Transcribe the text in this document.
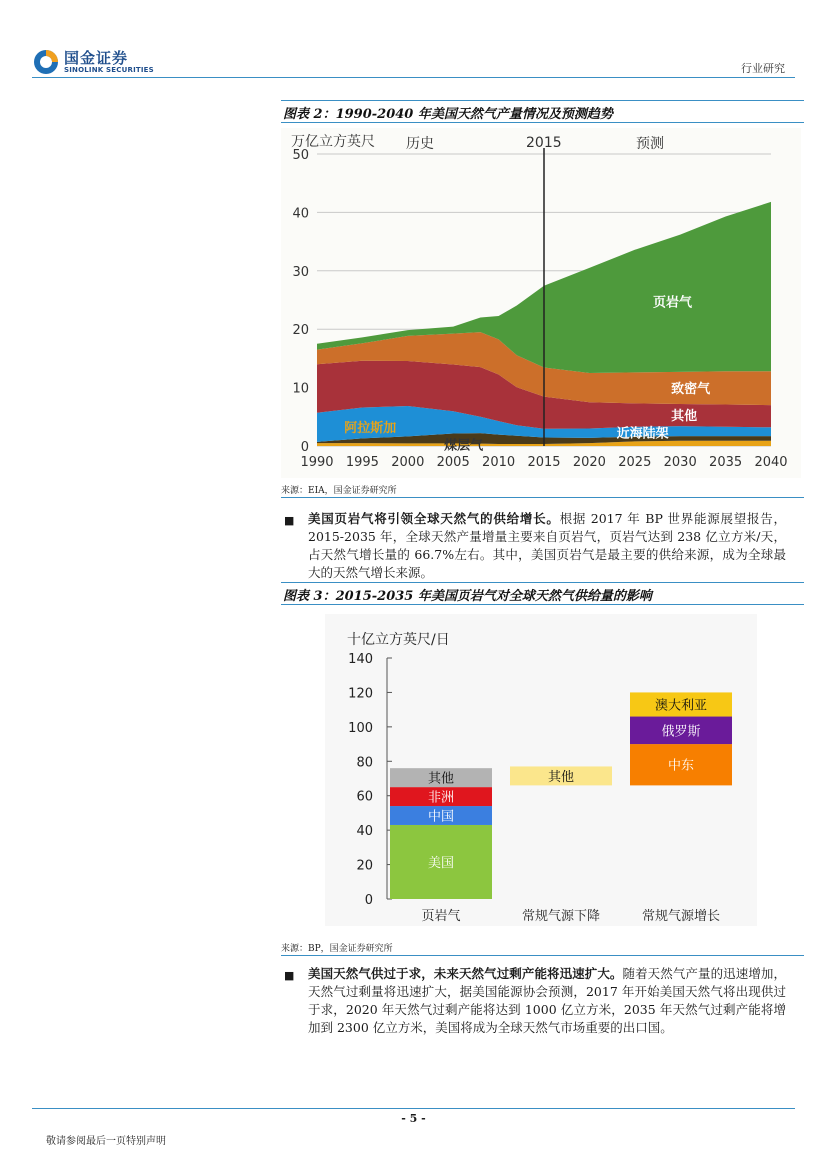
国金证券
SINOLINK SECURITIES	行业研究
图表 2：1990-2040 年美国天然气产量情况及预测趋势
0
10
20
30
40
50
1990 1995 2000 2005 2010 2015 2020 2025 2030 2035 2040
万亿立方英尺 历史	2015	预测
阿拉斯加
煤层气
近海陆架
其他
致密气
页岩气
来源：EIA，国金证券研究所
■ 美国页岩气将引领全球天然气的供给增长。根据 2017 年 BP 世界能源展望报告，2015-2035 年，全球天然产量增量主要来自页岩气，页岩气达到 238 亿立方米/天，占天然气增长量的 66.7%左右。其中，美国页岩气是最主要的供给来源，成为全球最大的天然气增长来源。
图表 3：2015-2035 年美国页岩气对全球天然气供给量的影响
十亿立方英尺/日
0
20
40
60
80
100
120
140
页岩气	常规气源下降	常规气源增长
美国
中国
非洲
其他	其他
中东
俄罗斯
澳大利亚
来源：BP，国金证券研究所
■ 美国天然气供过于求，未来天然气过剩产能将迅速扩大。随着天然气产量的迅速增加，天然气过剩量将迅速扩大，据美国能源协会预测，2017 年开始美国天然气将出现供过于求，2020 年天然气过剩产能将达到 1000 亿立方米，2035 年天然气过剩产能将增加到 2300 亿立方米，美国将成为全球天然气市场重要的出口国。
- 5 -
敬请参阅最后一页特别声明
